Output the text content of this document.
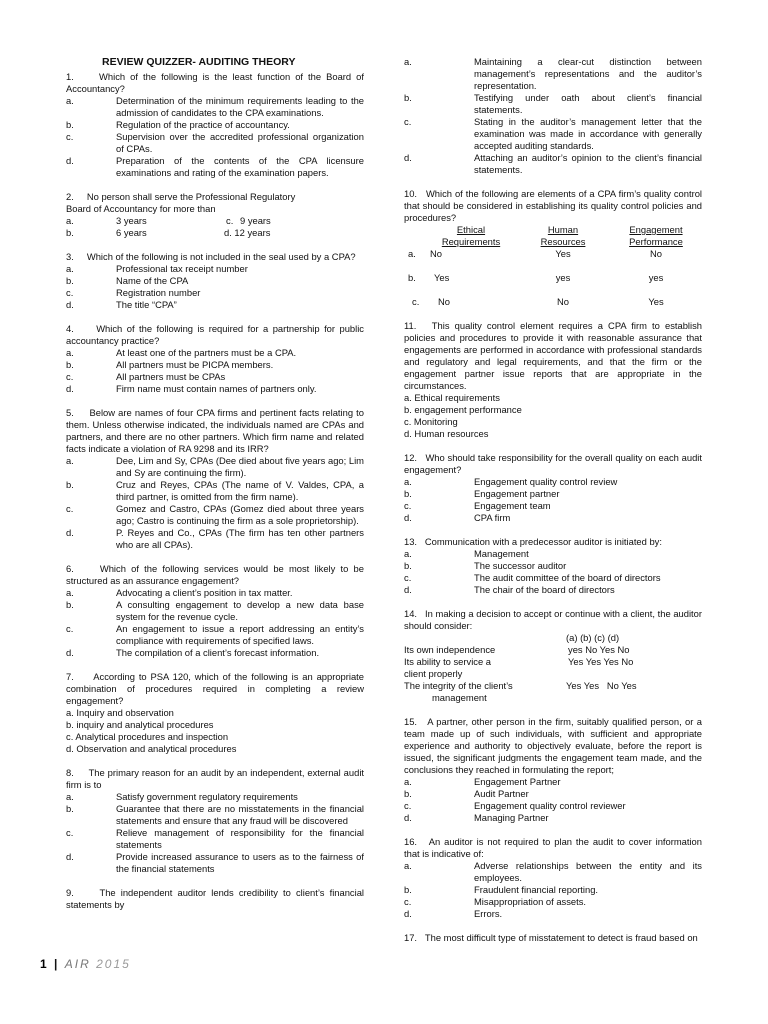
REVIEW QUIZZER- AUDITING THEORY
1.	Which of the following is the least function of the Board of Accountancy?
a.	Determination of the minimum requirements leading to the admission of candidates to the CPA examinations.
b.	Regulation of the practice of accountancy.
c.	Supervision over the accredited professional organization of CPAs.
d.	Preparation of the contents of the CPA licensure examinations and rating of the examination papers.
2. No person shall serve the Professional Regulatory
Board of Accountancy for more than
a.	3 years	c. 9 years
b.	6 years	d. 12 years
3. Which of the following is not included in the seal used by a CPA?
a.	Professional tax receipt number
b.	Name of the CPA
c.	Registration number
d.	The title “CPA”
4. Which of the following is required for a partnership for public accountancy practice?
a.	At least one of the partners must be a CPA.
b.	All partners must be PICPA members.
c.	All partners must be CPAs
d.	Firm name must contain names of partners only.
5. Below are names of four CPA firms and pertinent facts relating to them. Unless otherwise indicated, the individuals named are CPAs and partners, and there are no other partners. Which firm name and related facts indicate a violation of RA 9298 and its IRR?
a.	Dee, Lim and Sy, CPAs (Dee died about five years ago; Lim and Sy are continuing the firm).
b.	Cruz and Reyes, CPAs (The name of V. Valdes, CPA, a third partner, is omitted from the firm name).
c.	Gomez and Castro, CPAs (Gomez died about three years ago; Castro is continuing the firm as a sole proprietorship).
d.	P. Reyes and Co., CPAs (The firm has ten other partners who are all CPAs).
6.	Which of the following services would be most likely to be structured as an assurance engagement?
a.	Advocating a client’s position in tax matter.
b.	A consulting engagement to develop a new data base system for the revenue cycle.
c.	An engagement to issue a report addressing an entity’s compliance with requirements of specified laws.
d.	The compilation of a client’s forecast information.
7. According to PSA 120, which of the following is an appropriate combination of procedures required in completing a review engagement?
a. Inquiry and observation
b. inquiry and analytical procedures
c. Analytical procedures and inspection
d. Observation and analytical procedures
8. The primary reason for an audit by an independent, external audit firm is to
a.	Satisfy government regulatory requirements
b.	Guarantee that there are no misstatements in the financial statements and ensure that any fraud will be discovered
c.	Relieve management of responsibility for the financial statements
d.	Provide increased assurance to users as to the fairness of the financial statements
9.	The independent auditor lends credibility to client’s financial statements by
a.	Maintaining a clear-cut distinction between management’s representations and the auditor’s representation.
b.	Testifying under oath about client’s financial statements.
c.	Stating in the auditor’s management letter that the examination was made in accordance with generally accepted auditing standards.
d.	Attaching an auditor’s opinion to the client’s financial statements.
10. Which of the following are elements of a CPA firm’s quality control that should be considered in establishing its quality control policies and procedures?
	Ethical	Human	Engagement
	Requirements	Resources	Performance
a.	No	Yes	No

b.	Yes	yes	yes

c.	No	No	Yes
11. This quality control element requires a CPA firm to establish policies and procedures to provide it with reasonable assurance that engagements are performed in accordance with professional standards and regulatory and legal requirements, and that the firm or the engagement partner issue reports that are appropriate in the circumstances.
a. Ethical requirements
b. engagement performance
c. Monitoring
d. Human resources
12. Who should take responsibility for the overall quality on each audit engagement?
a.	Engagement quality control review
b.	Engagement partner
c.	Engagement team
d.	CPA firm
13. Communication with a predecessor auditor is initiated by:
a.	Management
b.	The successor auditor
c.	The audit committee of the board of directors
d.	The chair of the board of directors
14. In making a decision to accept or continue with a client, the auditor should consider:
(a) (b) (c) (d)
Its own independence	yes No Yes No
Its ability to service a	Yes Yes Yes No
client properly
The integrity of the client’s	Yes Yes   No Yes
management
15. A partner, other person in the firm, suitably qualified person, or a team made up of such individuals, with sufficient and appropriate experience and authority to objectively evaluate, before the report is issued, the significant judgments the engagement team made, and the conclusions they reached in formulating the report;
a.	Engagement Partner
b.	Audit Partner
c.	Engagement quality control reviewer
d.	Managing Partner
16. An auditor is not required to plan the audit to cover information that is indicative of:
a.	Adverse relationships between the entity and its employees.
b.	Fraudulent financial reporting.
c.	Misappropriation of assets.
d.	Errors.
17. The most difficult type of misstatement to detect is fraud based on
1 | AIR 2015
